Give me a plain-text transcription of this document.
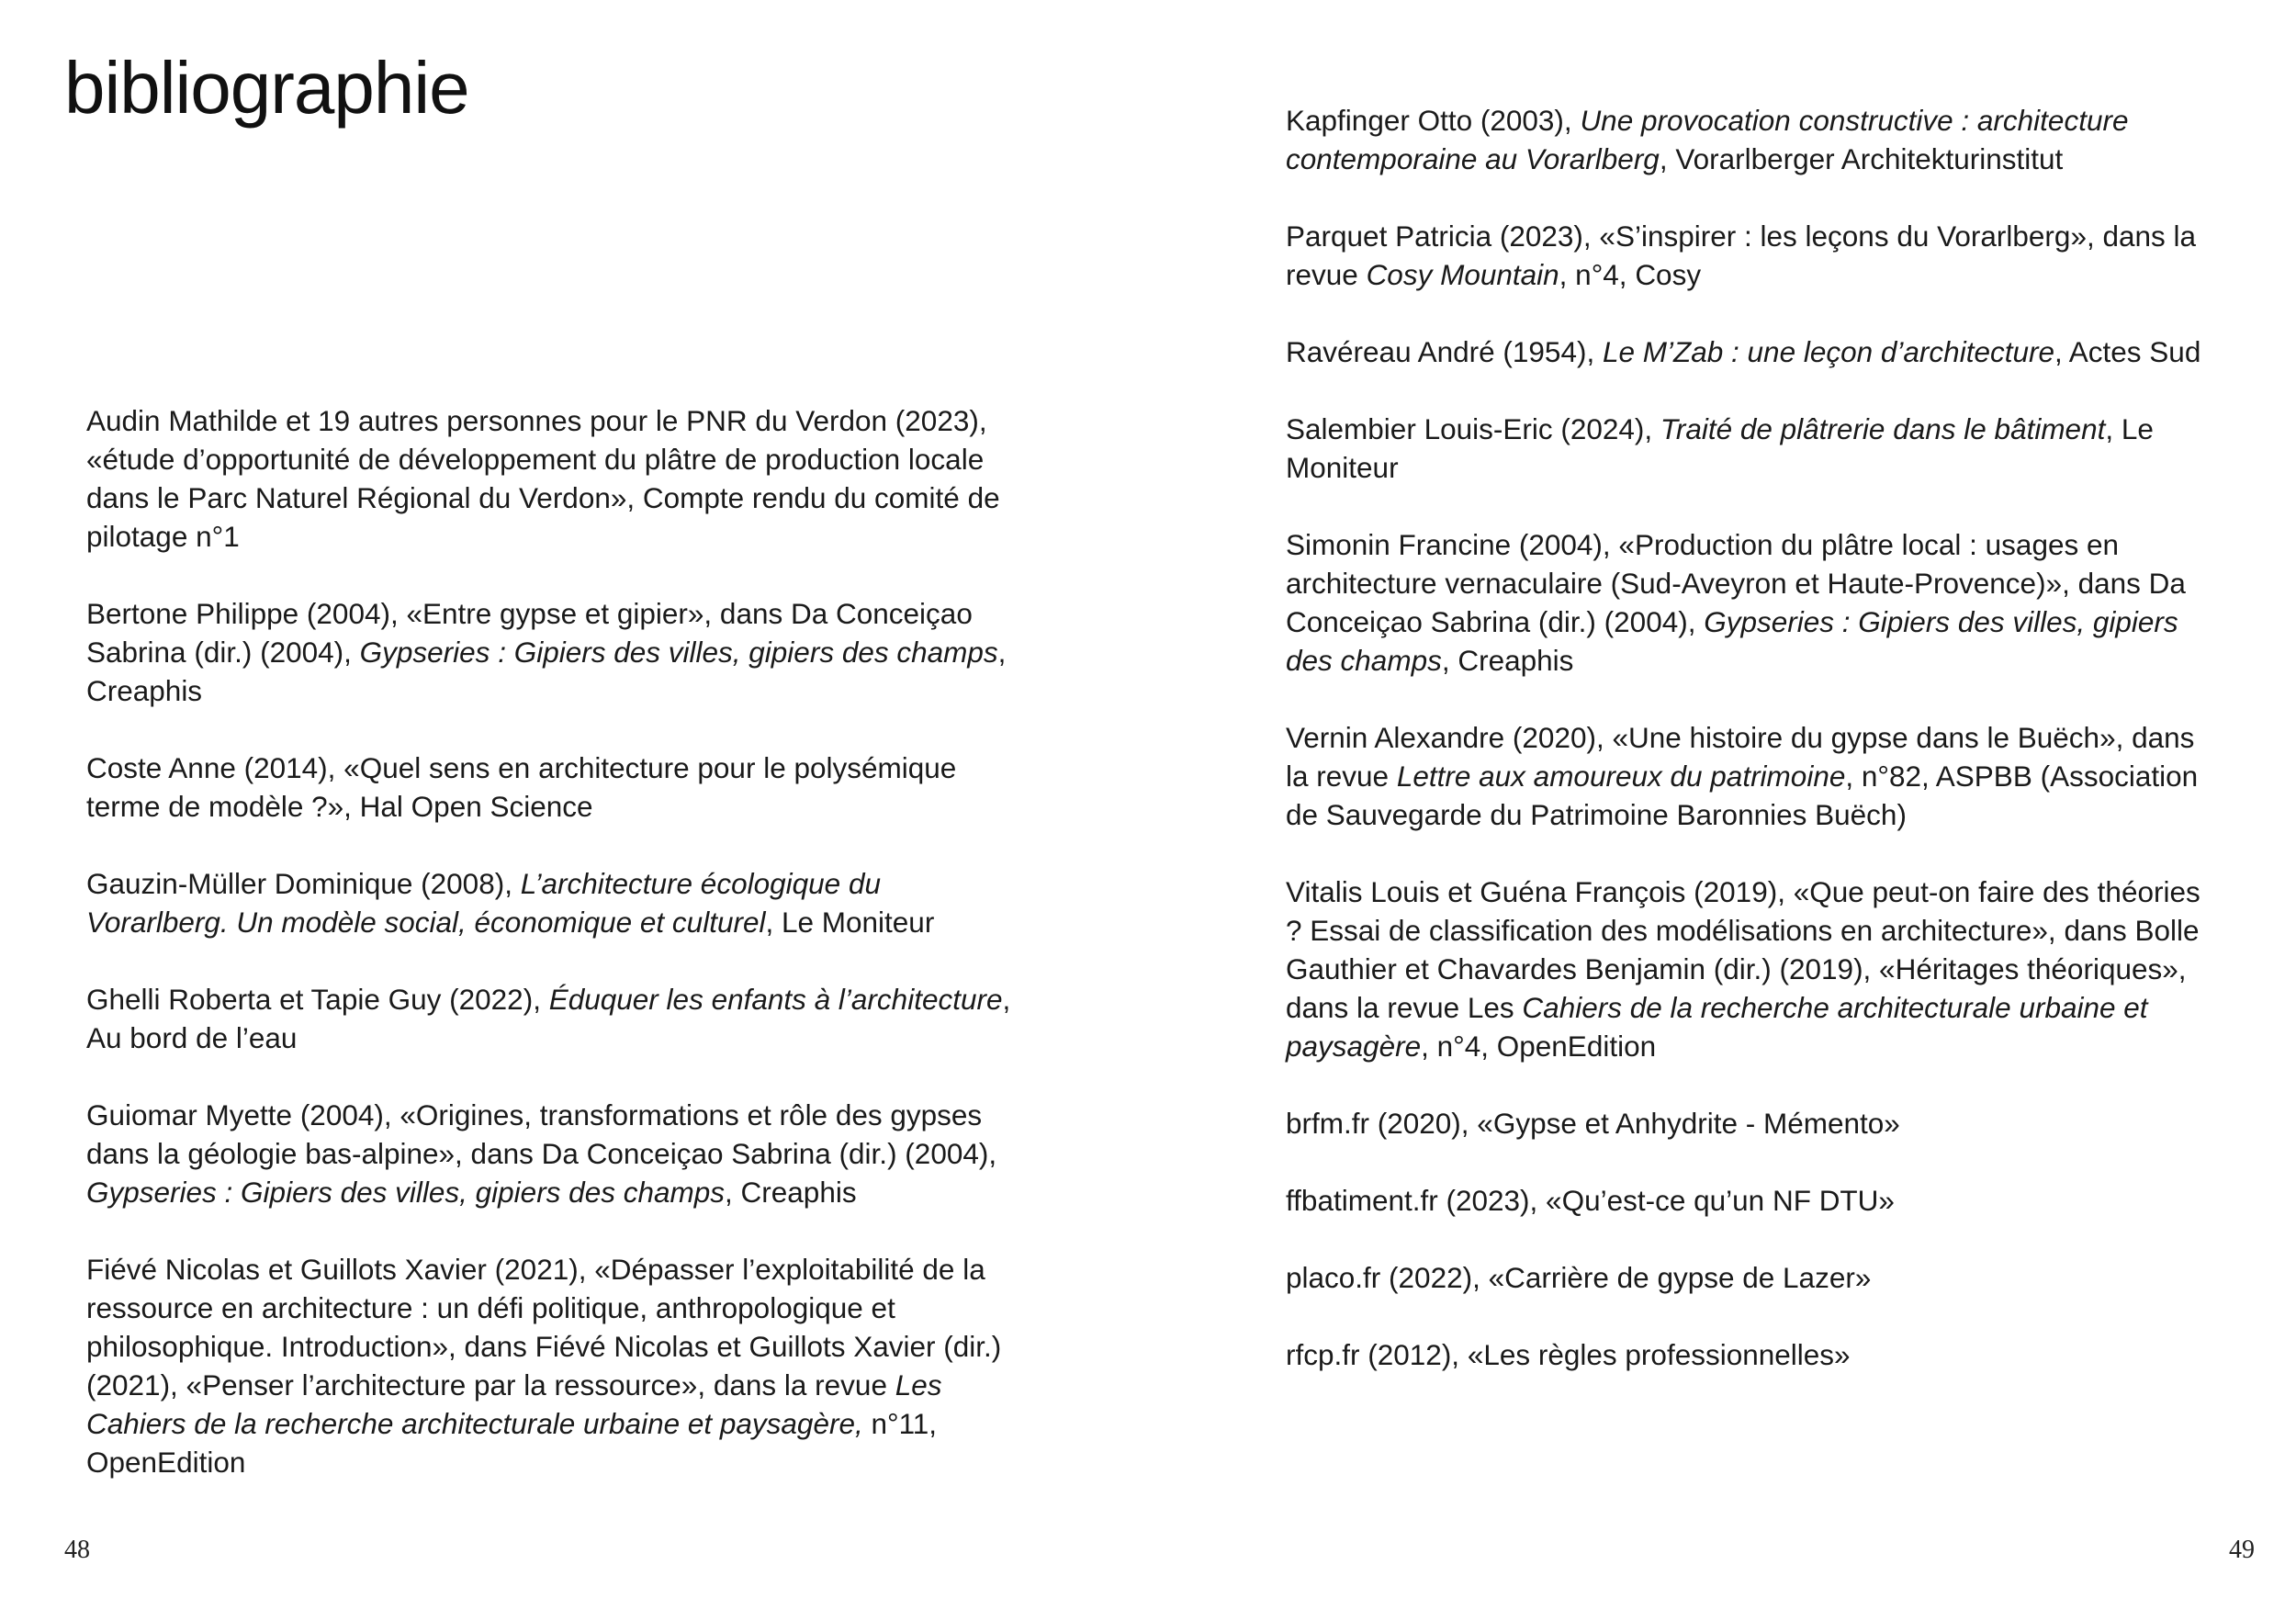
bibliographie
Audin Mathilde et 19 autres personnes pour le PNR du Verdon (2023), «étude d’opportunité de développement du plâtre de production locale dans le Parc Naturel Régional du Verdon», Compte rendu du comité de pilotage n°1
Bertone Philippe (2004), «Entre gypse et gipier», dans Da Conceiçao Sabrina (dir.) (2004), Gypseries : Gipiers des villes, gipiers des champs, Creaphis
Coste Anne (2014), «Quel sens en architecture pour le polysémique terme de modèle ?», Hal Open Science
Gauzin-Müller Dominique (2008), L’architecture écologique du Vorarlberg. Un modèle social, économique et culturel, Le Moniteur
Ghelli Roberta et Tapie Guy (2022), Éduquer les enfants à l’architecture, Au bord de l’eau
Guiomar Myette (2004), «Origines, transformations et rôle des gypses dans la géologie bas-alpine», dans Da Conceiçao Sabrina (dir.) (2004), Gypseries : Gipiers des villes, gipiers des champs, Creaphis
Fiévé Nicolas et Guillots Xavier (2021), «Dépasser l’exploitabilité de la ressource en architecture : un défi politique, anthropologique et philosophique. Introduction», dans Fiévé Nicolas et Guillots Xavier (dir.) (2021), «Penser l’architecture par la ressource», dans la revue Les Cahiers de la recherche architecturale urbaine et paysagère, n°11, OpenEdition
48
Kapfinger Otto (2003), Une provocation constructive : architecture contemporaine au Vorarlberg, Vorarlberger Architekturinstitut
Parquet Patricia (2023), «S’inspirer : les leçons du Vorarlberg», dans la revue Cosy Mountain, n°4, Cosy
Ravéreau André (1954), Le M’Zab : une leçon d’architecture, Actes Sud
Salembier Louis-Eric (2024), Traité de plâtrerie dans le bâtiment, Le Moniteur
Simonin Francine (2004), «Production du plâtre local : usages en architecture vernaculaire (Sud-Aveyron et Haute-Provence)», dans Da Conceiçao Sabrina (dir.) (2004), Gypseries : Gipiers des villes, gipiers des champs, Creaphis
Vernin Alexandre (2020), «Une histoire du gypse dans le Buëch», dans la revue Lettre aux amoureux du patrimoine, n°82, ASPBB (Association de Sauvegarde du Patrimoine Baronnies Buëch)
Vitalis Louis et Guéna François (2019), «Que peut-on faire des théories ? Essai de classification des modélisations en architecture», dans Bolle Gauthier et Chavardes Benjamin (dir.) (2019), «Héritages théoriques», dans la revue Les Cahiers de la recherche architecturale urbaine et paysagère, n°4, OpenEdition
brfm.fr (2020), «Gypse et Anhydrite - Mémento»
ffbatiment.fr (2023), «Qu’est-ce qu’un NF DTU»
placo.fr (2022), «Carrière de gypse de Lazer»
rfcp.fr (2012), «Les règles professionnelles»
49
